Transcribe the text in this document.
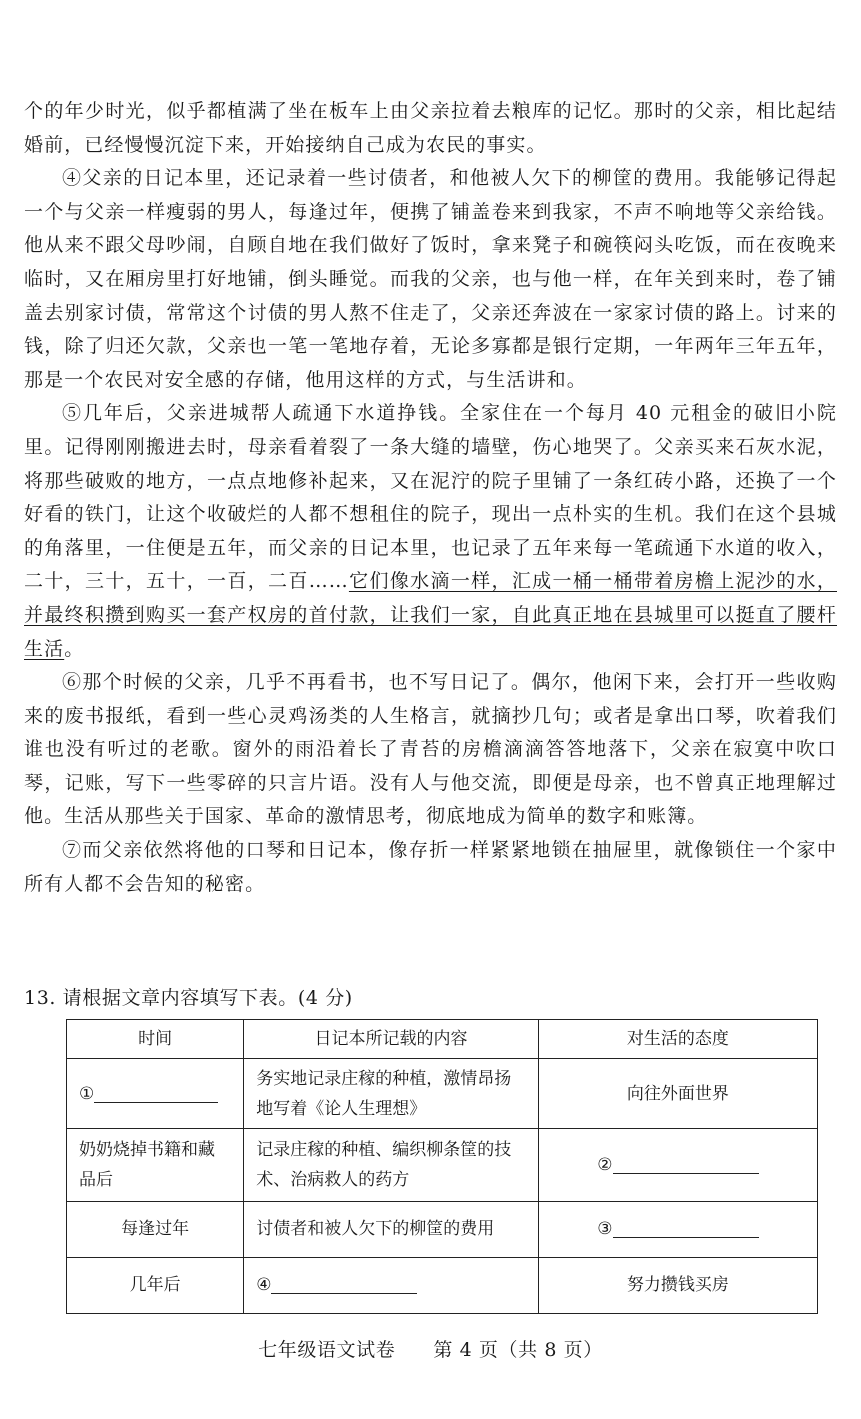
个的年少时光，似乎都植满了坐在板车上由父亲拉着去粮库的记忆。那时的父亲，相比起结婚前，已经慢慢沉淀下来，开始接纳自己成为农民的事实。

④父亲的日记本里，还记录着一些讨债者，和他被人欠下的柳筐的费用。我能够记得起一个与父亲一样瘦弱的男人，每逢过年，便携了铺盖卷来到我家，不声不响地等父亲给钱。他从来不跟父母吵闹，自顾自地在我们做好了饭时，拿来凳子和碗筷闷头吃饭，而在夜晚来临时，又在厢房里打好地铺，倒头睡觉。而我的父亲，也与他一样，在年关到来时，卷了铺盖去别家讨债，常常这个讨债的男人熬不住走了，父亲还奔波在一家家讨债的路上。讨来的钱，除了归还欠款，父亲也一笔一笔地存着，无论多寡都是银行定期，一年两年三年五年，那是一个农民对安全感的存储，他用这样的方式，与生活讲和。

⑤几年后，父亲进城帮人疏通下水道挣钱。全家住在一个每月 40 元租金的破旧小院里。记得刚刚搬进去时，母亲看着裂了一条大缝的墙壁，伤心地哭了。父亲买来石灰水泥，将那些破败的地方，一点点地修补起来，又在泥泞的院子里铺了一条红砖小路，还换了一个好看的铁门，让这个收破烂的人都不想租住的院子，现出一点朴实的生机。我们在这个县城的角落里，一住便是五年，而父亲的日记本里，也记录了五年来每一笔疏通下水道的收入，二十，三十，五十，一百，二百……它们像水滴一样，汇成一桶一桶带着房檐上泥沙的水，并最终积攒到购买一套产权房的首付款，让我们一家，自此真正地在县城里可以挺直了腰杆生活。

⑥那个时候的父亲，几乎不再看书，也不写日记了。偶尔，他闲下来，会打开一些收购来的废书报纸，看到一些心灵鸡汤类的人生格言，就摘抄几句；或者是拿出口琴，吹着我们谁也没有听过的老歌。窗外的雨沿着长了青苔的房檐滴滴答答地落下，父亲在寂寞中吹口琴，记账，写下一些零碎的只言片语。没有人与他交流，即便是母亲，也不曾真正地理解过他。生活从那些关于国家、革命的激情思考，彻底地成为简单的数字和账簿。

⑦而父亲依然将他的口琴和日记本，像存折一样紧紧地锁在抽屉里，就像锁住一个家中所有人都不会告知的秘密。

13. 请根据文章内容填写下表。(4 分)
时间	日记本所记载的内容	对生活的态度
①	务实地记录庄稼的种植，激情昂扬地写着《论人生理想》	向往外面世界
奶奶烧掉书籍和藏品后	记录庄稼的种植、编织柳条筐的技术、治病救人的药方	②
每逢过年	讨债者和被人欠下的柳筐的费用	③
几年后	④	努力攒钱买房
七年级语文试卷 第 4 页（共 8 页）
